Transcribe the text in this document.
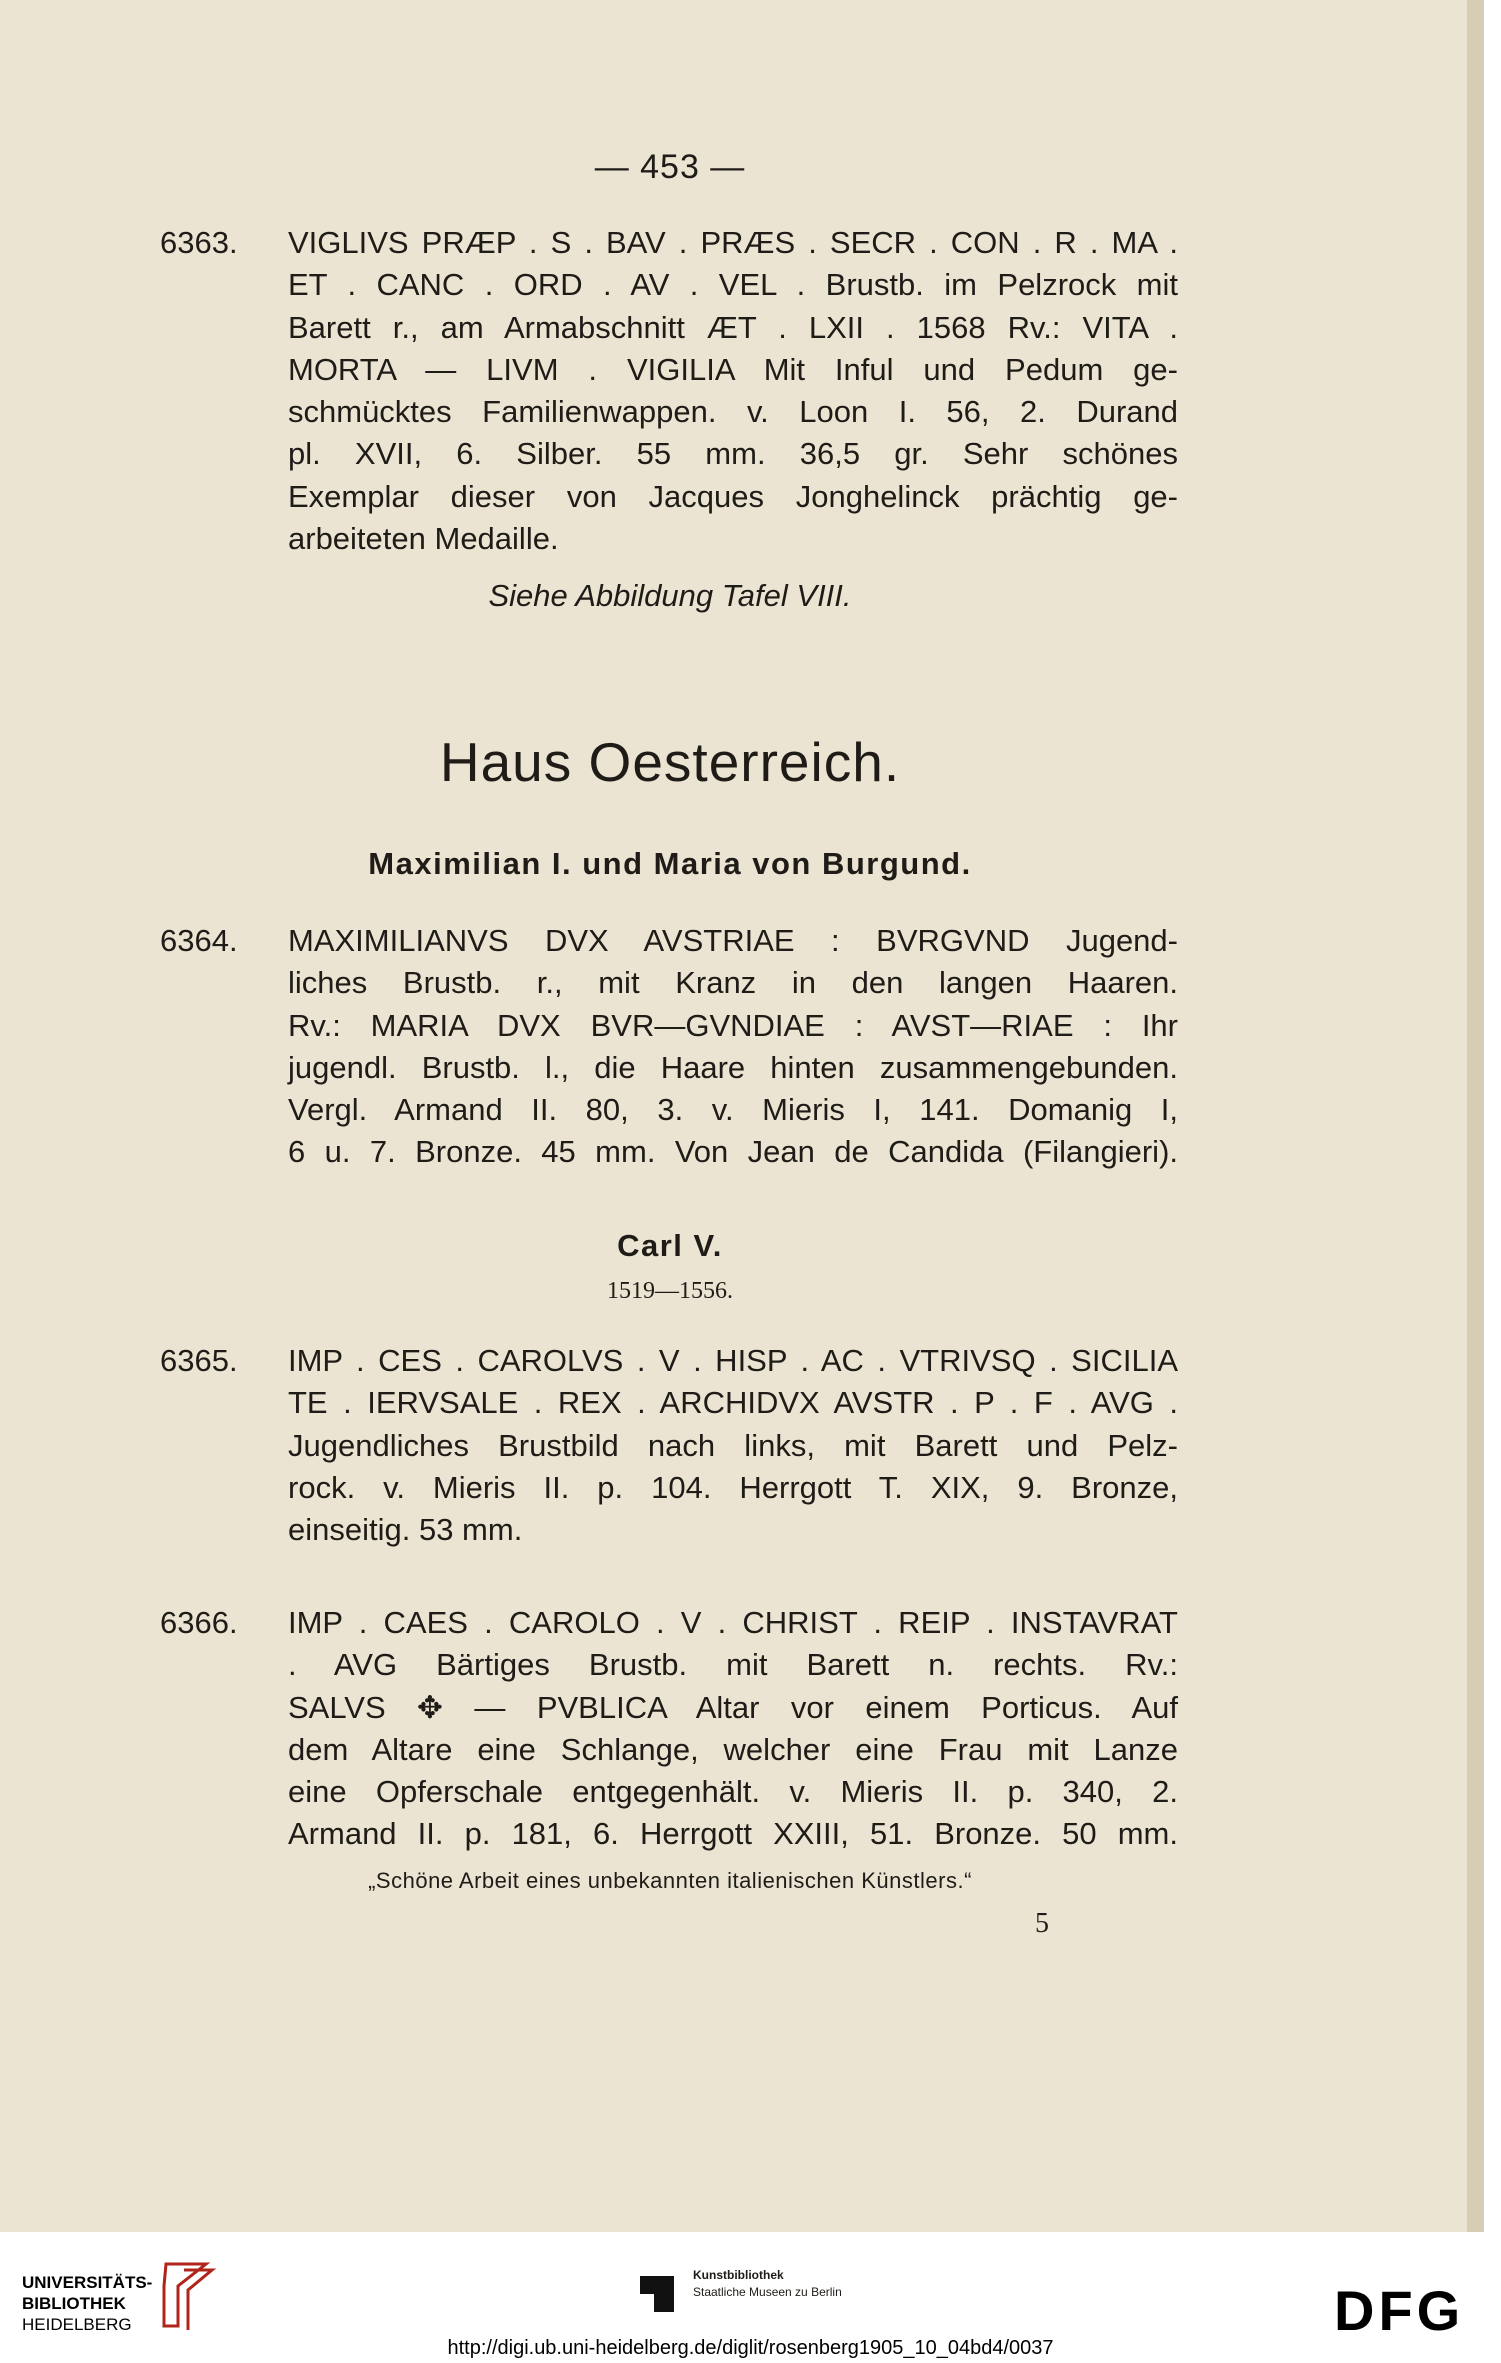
— 453 —
6363. VIGLIVS PRÆP . S . BAV . PRÆS . SECR . CON . R . MA .
ET . CANC . ORD . AV . VEL . Brustb. im Pelzrock mit
Barett r., am Armabschnitt ÆT . LXII . 1568 Rv.: VITA .
MORTA — LIVM . VIGILIA Mit Inful und Pedum ge-
schmücktes Familienwappen. v. Loon I. 56, 2. Durand
pl. XVII, 6. Silber. 55 mm. 36,5 gr. Sehr schönes
Exemplar dieser von Jacques Jonghelinck prächtig ge-
arbeiteten Medaille.
Siehe Abbildung Tafel VIII.
Haus Oesterreich.
Maximilian I. und Maria von Burgund.
6364. MAXIMILIANVS DVX AVSTRIAE : BVRGVND Jugend-
liches Brustb. r., mit Kranz in den langen Haaren.
Rv.: MARIA DVX BVR—GVNDIAE : AVST—RIAE : Ihr
jugendl. Brustb. l., die Haare hinten zusammengebunden.
Vergl. Armand II. 80, 3. v. Mieris I, 141. Domanig I,
6 u. 7. Bronze. 45 mm. Von Jean de Candida (Filangieri).
Carl V.
1519—1556.
6365. IMP . CES . CAROLVS . V . HISP . AC . VTRIVSQ . SICILIA
TE . IERVSALE . REX . ARCHIDVX AVSTR . P . F . AVG .
Jugendliches Brustbild nach links, mit Barett und Pelz-
rock. v. Mieris II. p. 104. Herrgott T. XIX, 9. Bronze,
einseitig. 53 mm.
6366. IMP . CAES . CAROLO . V . CHRIST . REIP . INSTAVRAT
. AVG Bärtiges Brustb. mit Barett n. rechts. Rv.:
SALVS ✥ — PVBLICA Altar vor einem Porticus. Auf
dem Altare eine Schlange, welcher eine Frau mit Lanze
eine Opferschale entgegenhält. v. Mieris II. p. 340, 2.
Armand II. p. 181, 6. Herrgott XXIII, 51. Bronze. 50 mm.
„Schöne Arbeit eines unbekannten italienischen Künstlers.“
5
UNIVERSITÄTS-
BIBLIOTHEK
HEIDELBERG
Kunstbibliothek
Staatliche Museen zu Berlin	DFG
http://digi.ub.uni-heidelberg.de/diglit/rosenberg1905_10_04bd4/0037
